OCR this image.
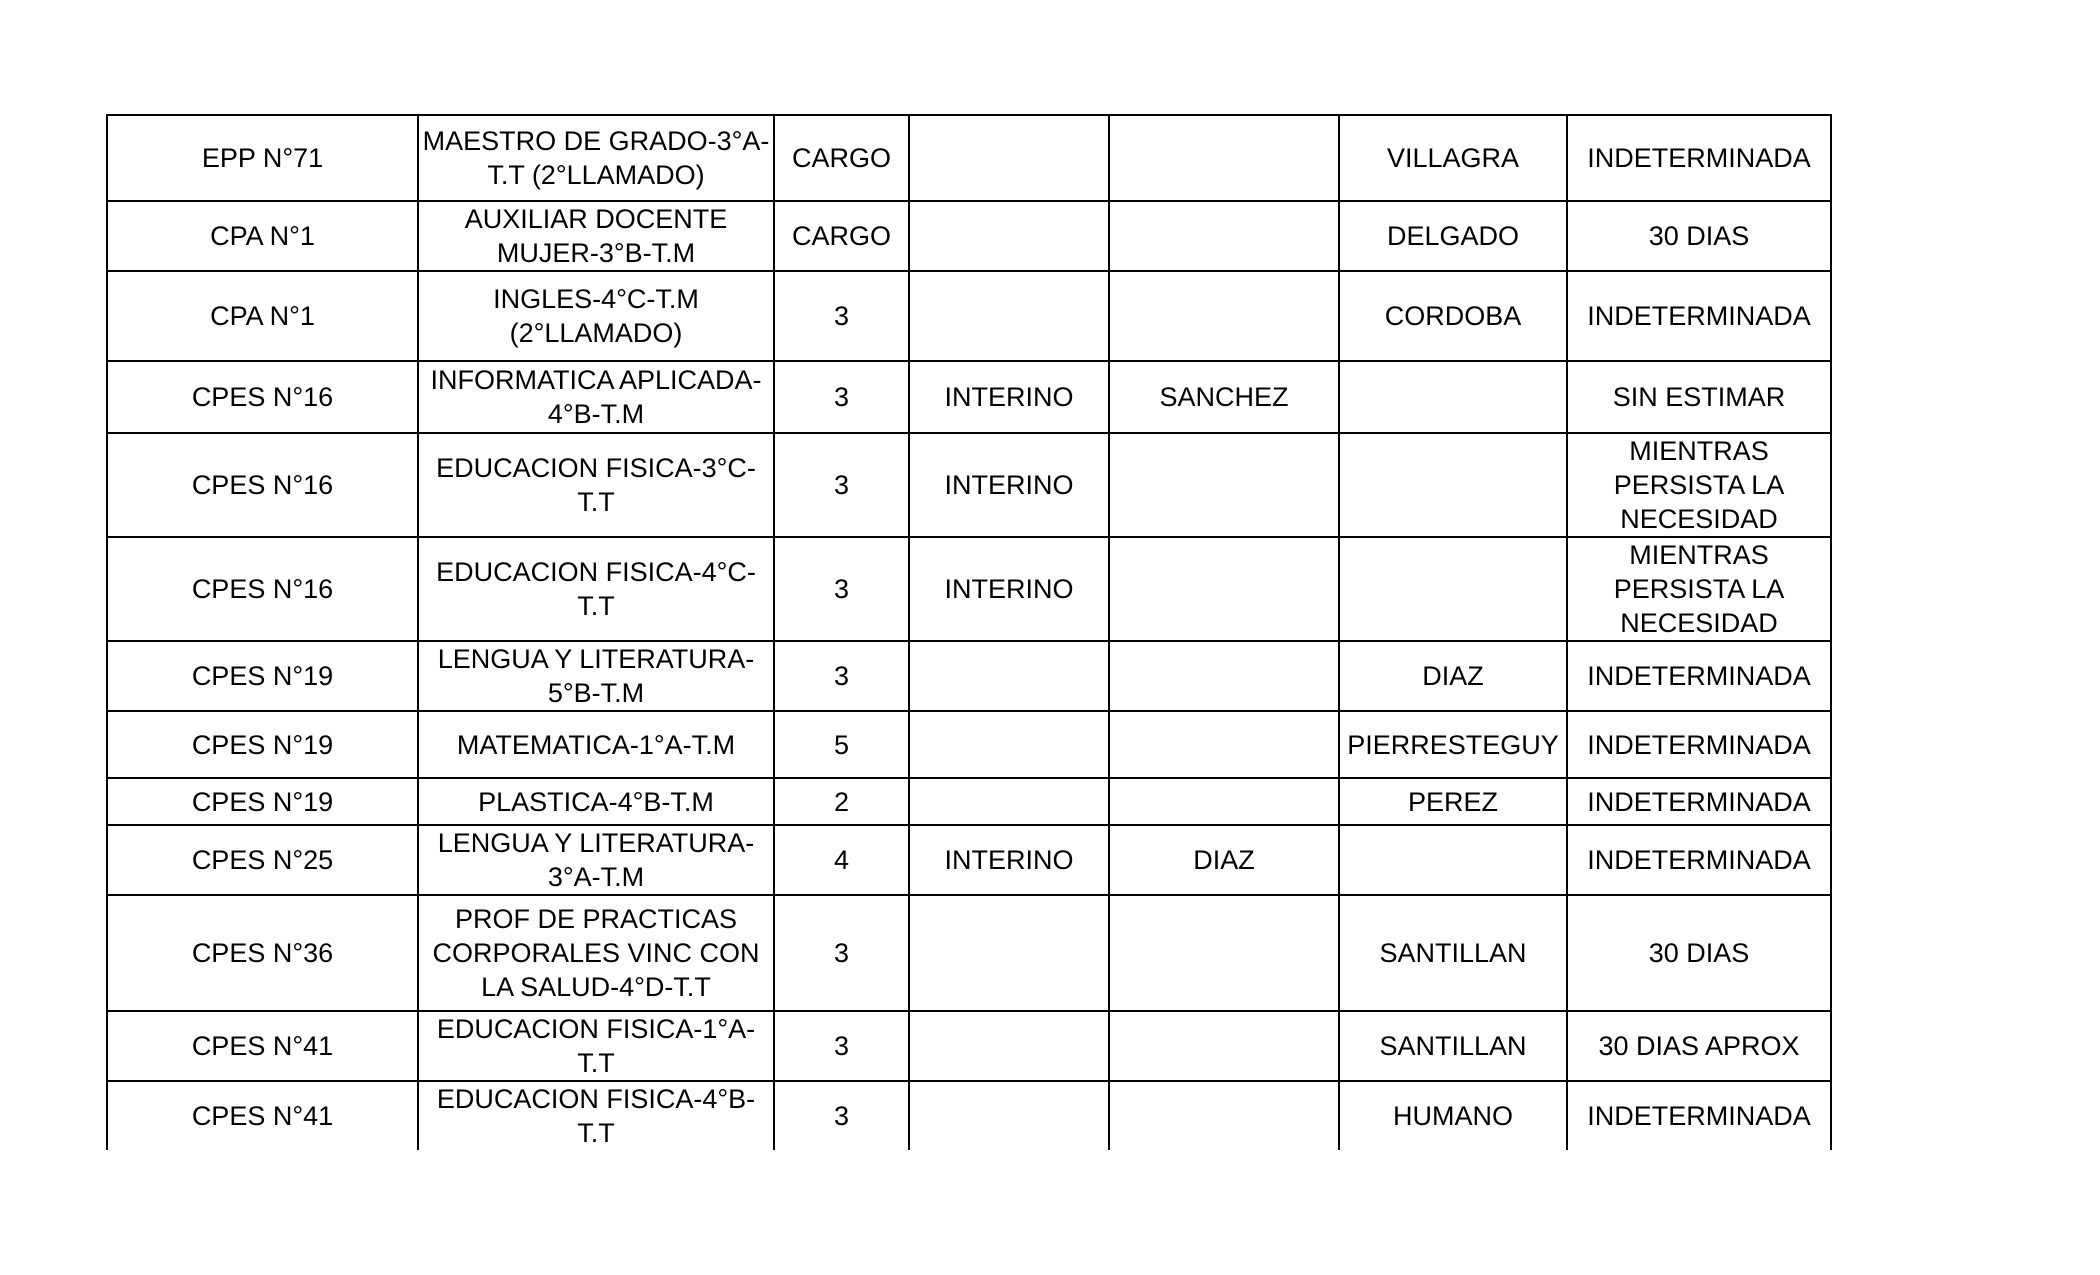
EPP N°71	MAESTRO DE GRADO-3°A-T.T (2°LLAMADO)	CARGO			VILLAGRA	INDETERMINADA
CPA N°1	AUXILIAR DOCENTE MUJER-3°B-T.M	CARGO			DELGADO	30 DIAS
CPA N°1	INGLES-4°C-T.M (2°LLAMADO)	3			CORDOBA	INDETERMINADA
CPES N°16	INFORMATICA APLICADA-4°B-T.M	3	INTERINO	SANCHEZ		SIN ESTIMAR
CPES N°16	EDUCACION FISICA-3°C-T.T	3	INTERINO			MIENTRAS PERSISTA LA NECESIDAD
CPES N°16	EDUCACION FISICA-4°C-T.T	3	INTERINO			MIENTRAS PERSISTA LA NECESIDAD
CPES N°19	LENGUA Y LITERATURA-5°B-T.M	3			DIAZ	INDETERMINADA
CPES N°19	MATEMATICA-1°A-T.M	5			PIERRESTEGUY	INDETERMINADA
CPES N°19	PLASTICA-4°B-T.M	2			PEREZ	INDETERMINADA
CPES N°25	LENGUA Y LITERATURA-3°A-T.M	4	INTERINO	DIAZ		INDETERMINADA
CPES N°36	PROF DE PRACTICAS CORPORALES VINC CON LA SALUD-4°D-T.T	3			SANTILLAN	30 DIAS
CPES N°41	EDUCACION FISICA-1°A-T.T	3			SANTILLAN	30 DIAS APROX
CPES N°41	EDUCACION FISICA-4°B-T.T	3			HUMANO	INDETERMINADA
